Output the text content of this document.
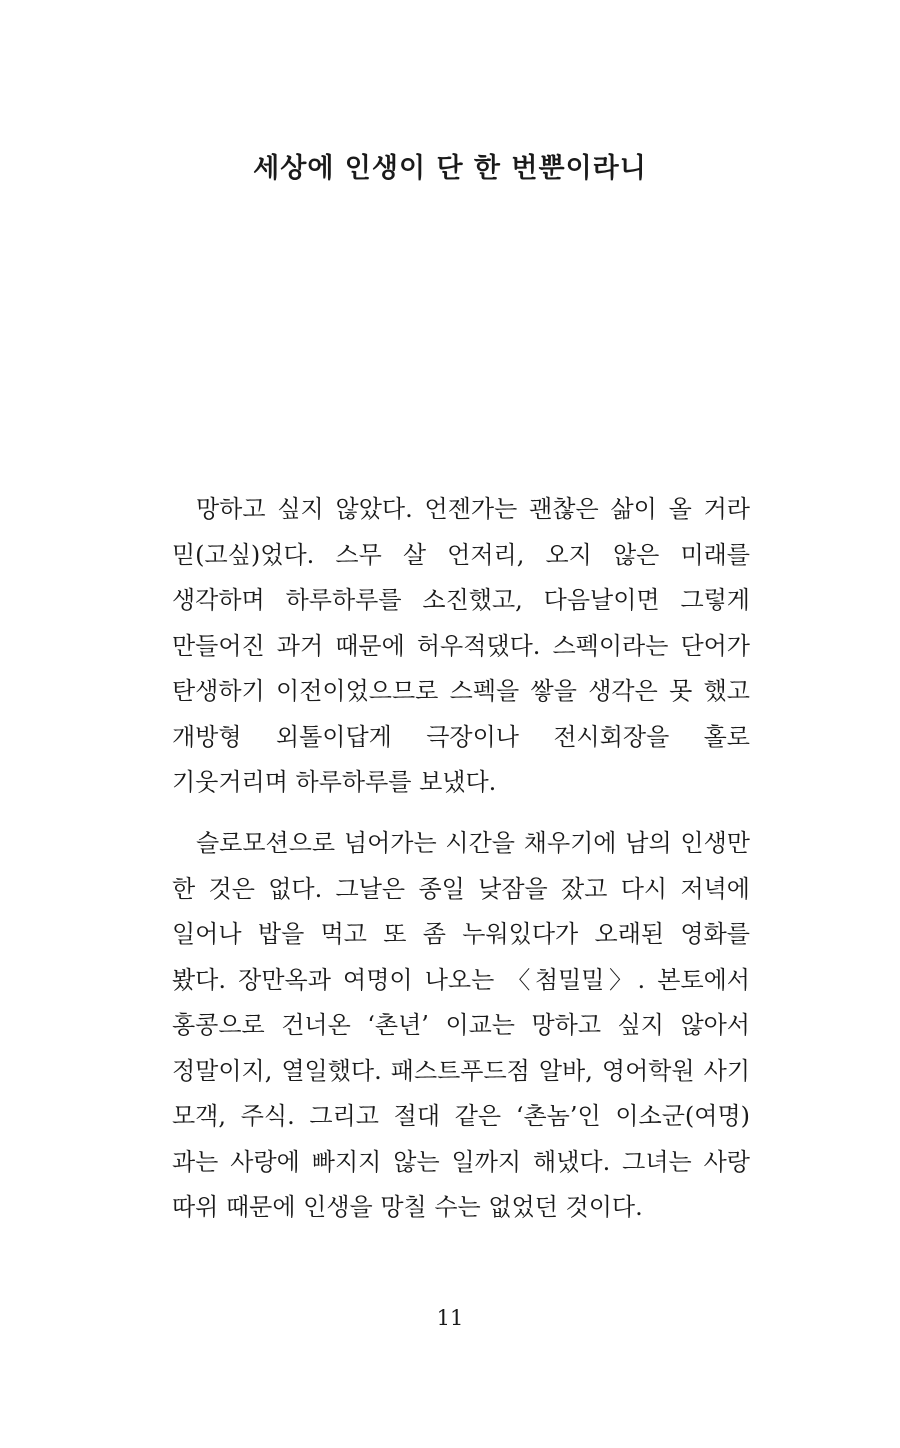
세상에 인생이 단 한 번뿐이라니

망하고 싶지 않았다. 언젠가는 괜찮은 삶이 올 거라 믿(고싶)었다. 스무 살 언저리, 오지 않은 미래를 생각하며 하루하루를 소진했고, 다음날이면 그렇게 만들어진 과거 때문에 허우적댔다. 스펙이라는 단어가 탄생하기 이전이었으므로 스펙을 쌓을 생각은 못 했고 개방형 외톨이답게 극장이나 전시회장을 홀로 기웃거리며 하루하루를 보냈다.

슬로모션으로 넘어가는 시간을 채우기에 남의 인생만 한 것은 없다. 그날은 종일 낮잠을 잤고 다시 저녁에 일어나 밥을 먹고 또 좀 누워있다가 오래된 영화를 봤다. 장만옥과 여명이 나오는 〈첨밀밀〉. 본토에서 홍콩으로 건너온 ‘촌년’ 이교는 망하고 싶지 않아서 정말이지, 열일했다. 패스트푸드점 알바, 영어학원 사기 모객, 주식. 그리고 절대 같은 ‘촌놈’인 이소군(여명)과는 사랑에 빠지지 않는 일까지 해냈다. 그녀는 사랑 따위 때문에 인생을 망칠 수는 없었던 것이다.

11
